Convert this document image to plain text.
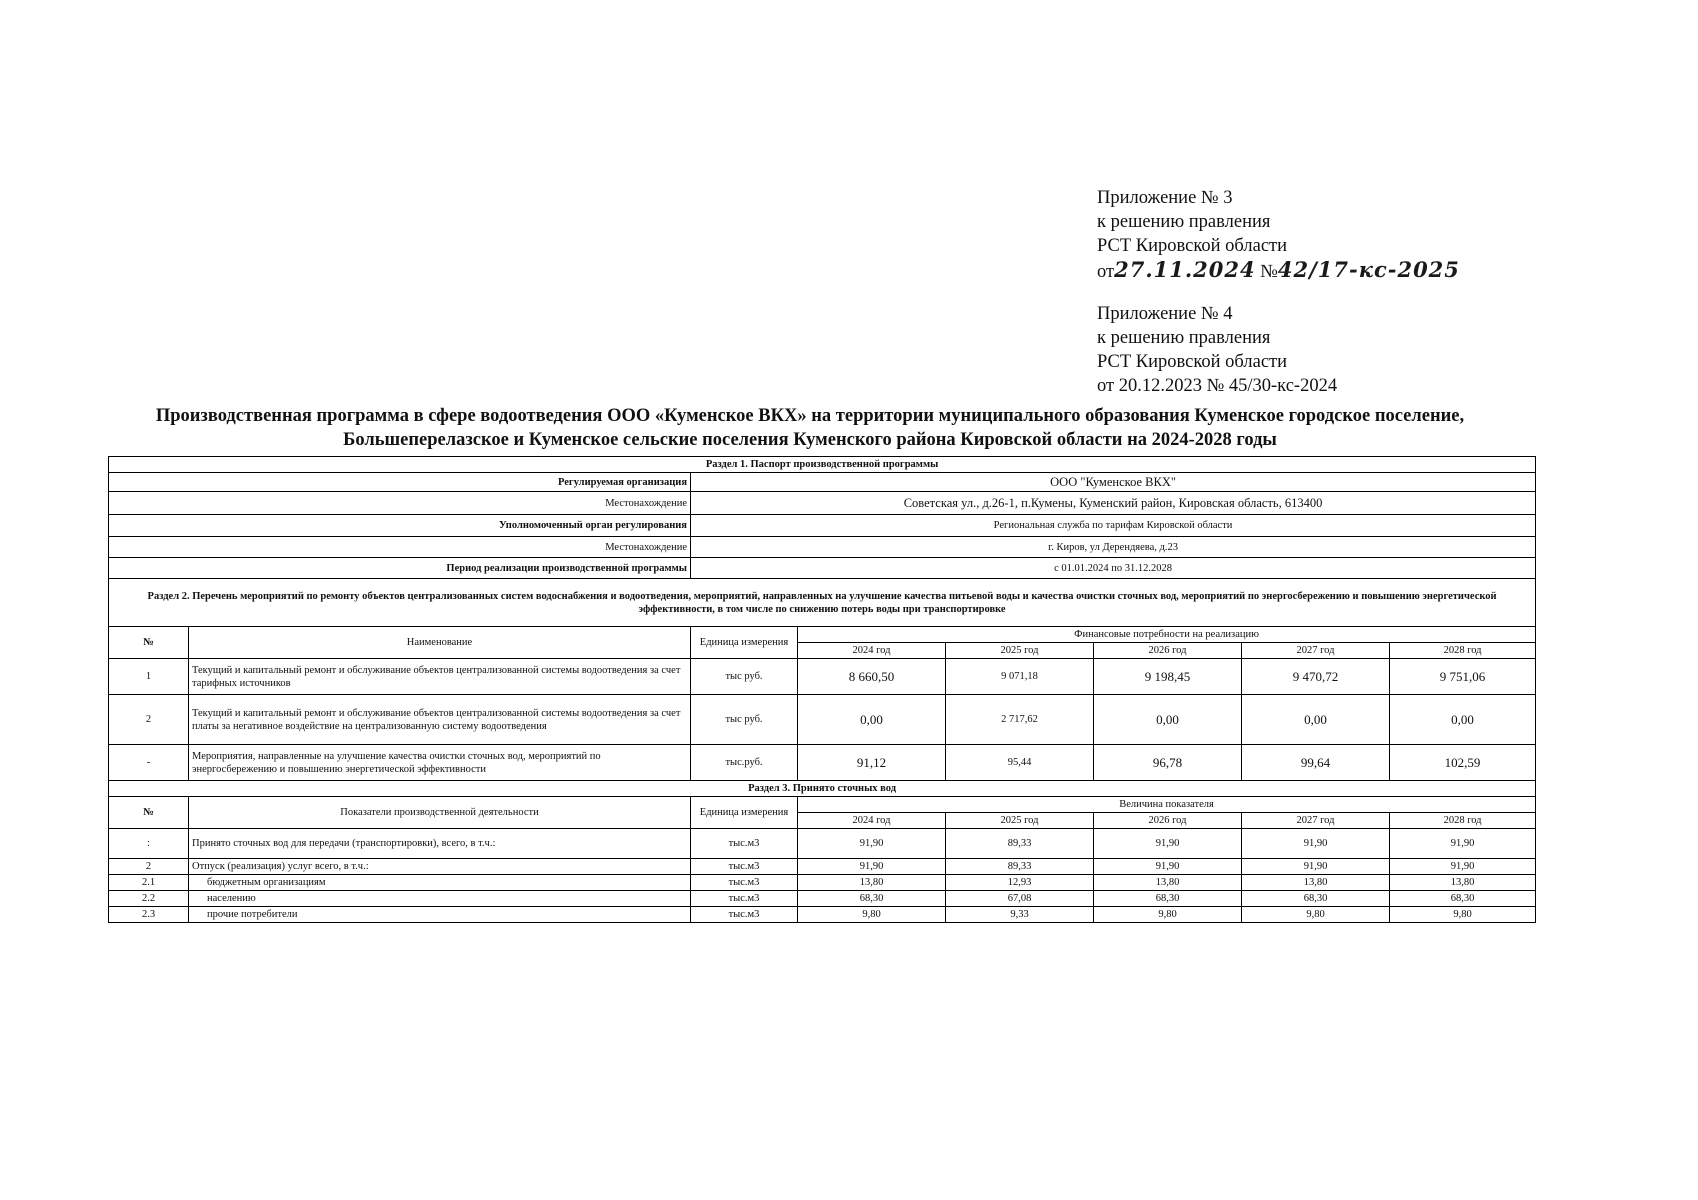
Приложение № 3
к решению правления
РСТ Кировской области
от27.11.2024 №42/17-кс-2025
Приложение № 4
к решению правления
РСТ Кировской области
от 20.12.2023 № 45/30-кс-2024
Производственная программа в сфере водоотведения ООО «Куменское ВКХ» на территории муниципального образования Куменское городское поселение,
Большеперелазское и Куменское сельские поселения Куменского района Кировской области на 2024-2028 годы
Раздел 1. Паспорт производственной программы							
Регулируемая организация		ООО "Куменское ВКХ"					
Местонахождение		Советская ул., д.26-1, п.Кумены, Куменский район, Кировская область, 613400					
Уполномоченный орган регулирования		Региональная служба по тарифам Кировской области					
Местонахождение		г. Киров, ул Дерендяева, д.23					
Период реализации производственной программы		с 01.01.2024 по 31.12.2028					
Раздел 2. Перечень мероприятий по ремонту объектов централизованных систем водоснабжения и водоотведения, мероприятий, направленных на улучшение качества питьевой воды и качества очистки сточных вод, мероприятий по энергосбережению и повышению энергетической эффективности, в том числе по снижению потерь воды при транспортировке							
№	Наименование	Единица измерения	Финансовые потребности на реализацию				
			2024 год	2025 год	2026 год	2027 год	2028 год
1	Текущий и капитальный ремонт и обслуживание объектов централизованной системы водоотведения за счет тарифных источников	тыс руб.	8 660,50	9 071,18	9 198,45	9 470,72	9 751,06
2	Текущий и капитальный ремонт и обслуживание объектов централизованной системы водоотведения за счет платы за негативное воздействие на централизованную систему водоотведения	тыс руб.	0,00	2 717,62	0,00	0,00	0,00
-	Мероприятия, направленные на улучшение качества очистки сточных вод, мероприятий по энергосбережению и повышению энергетической эффективности	тыс.руб.	91,12	95,44	96,78	99,64	102,59
Раздел 3. Принято сточных вод							
№	Показатели производственной деятельности	Единица измерения	Величина показателя				
			2024 год	2025 год	2026 год	2027 год	2028 год
:	Принято сточных вод для передачи (транспортировки), всего, в т.ч.:	тыс.м3	91,90	89,33	91,90	91,90	91,90
2	Отпуск (реализация) услуг всего, в т.ч.:	тыс.м3	91,90	89,33	91,90	91,90	91,90
2.1	бюджетным организациям	тыс.м3	13,80	12,93	13,80	13,80	13,80
2.2	населению	тыс.м3	68,30	67,08	68,30	68,30	68,30
2.3	прочие потребители	тыс.м3	9,80	9,33	9,80	9,80	9,80
